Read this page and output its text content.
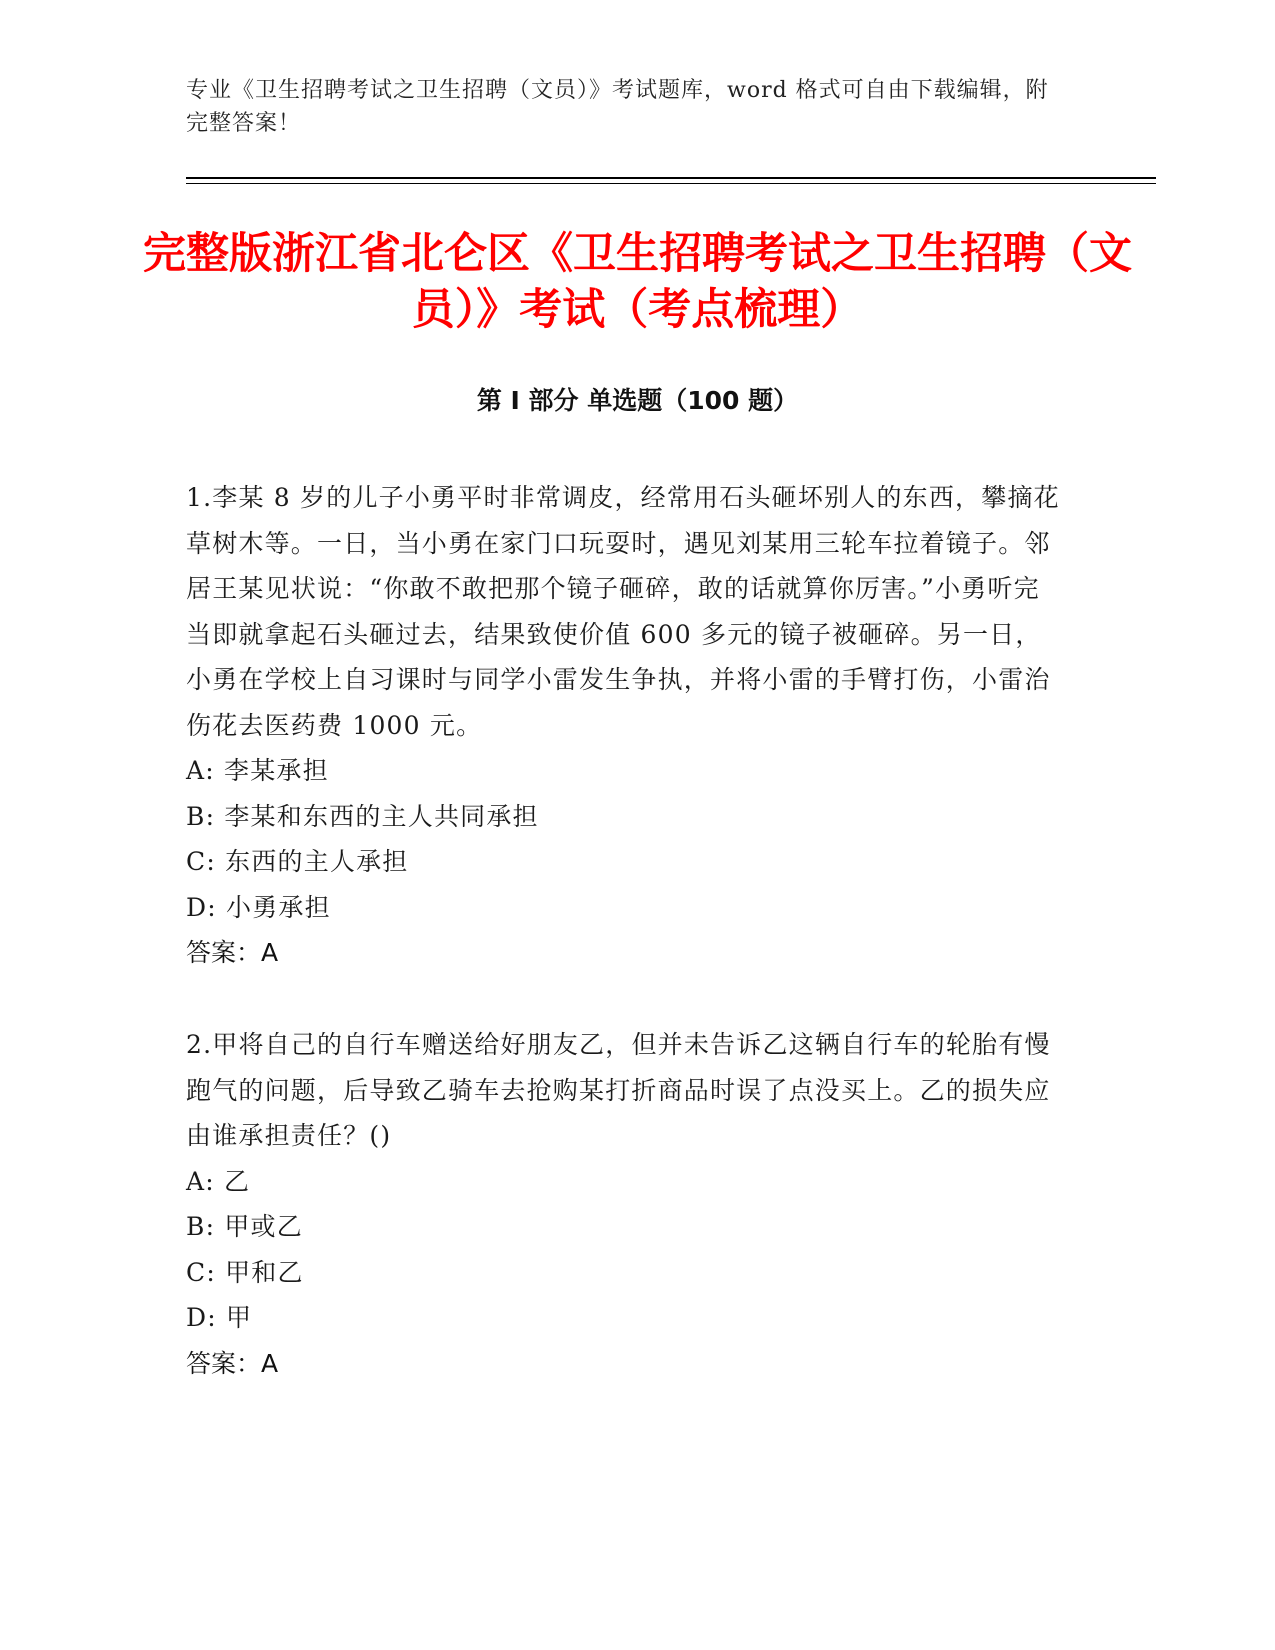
专业《卫生招聘考试之卫生招聘（文员）》考试题库，word 格式可自由下载编辑，附完整答案！
完整版浙江省北仑区《卫生招聘考试之卫生招聘（文员）》考试（考点梳理）
第 I 部分 单选题（100 题）
1.李某 8 岁的儿子小勇平时非常调皮，经常用石头砸坏别人的东西，攀摘花草树木等。一日，当小勇在家门口玩耍时，遇见刘某用三轮车拉着镜子。邻居王某见状说：“你敢不敢把那个镜子砸碎，敢的话就算你厉害。”小勇听完当即就拿起石头砸过去，结果致使价值 600 多元的镜子被砸碎。另一日，小勇在学校上自习课时与同学小雷发生争执，并将小雷的手臂打伤，小雷治伤花去医药费 1000 元。
A: 李某承担
B: 李某和东西的主人共同承担
C: 东西的主人承担
D: 小勇承担
答案：A
2.甲将自己的自行车赠送给好朋友乙，但并未告诉乙这辆自行车的轮胎有慢跑气的问题，后导致乙骑车去抢购某打折商品时误了点没买上。乙的损失应由谁承担责任？()
A: 乙
B: 甲或乙
C: 甲和乙
D: 甲
答案：A
